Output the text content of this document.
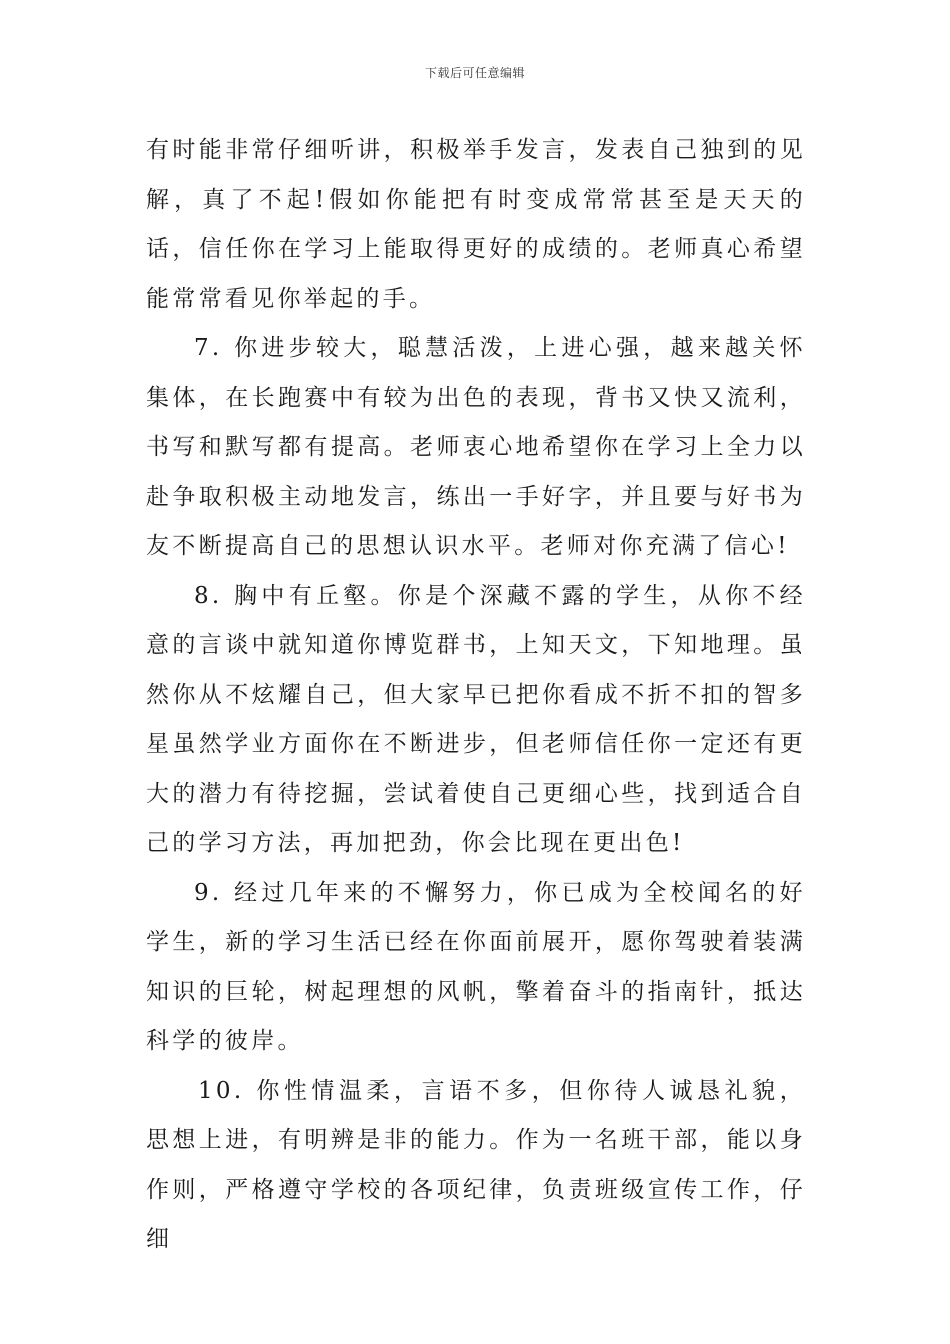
下载后可任意编辑

有时能非常仔细听讲，积极举手发言，发表自己独到的见解，真了不起!假如你能把有时变成常常甚至是天天的话，信任你在学习上能取得更好的成绩的。老师真心希望能常常看见你举起的手。

7. 你进步较大，聪慧活泼，上进心强，越来越关怀集体，在长跑赛中有较为出色的表现，背书又快又流利，书写和默写都有提高。老师衷心地希望你在学习上全力以赴争取积极主动地发言，练出一手好字，并且要与好书为友不断提高自己的思想认识水平。老师对你充满了信心!

8. 胸中有丘壑。你是个深藏不露的学生，从你不经意的言谈中就知道你博览群书，上知天文，下知地理。虽然你从不炫耀自己，但大家早已把你看成不折不扣的智多星虽然学业方面你在不断进步，但老师信任你一定还有更大的潜力有待挖掘，尝试着使自己更细心些，找到适合自己的学习方法，再加把劲，你会比现在更出色!

9. 经过几年来的不懈努力，你已成为全校闻名的好学生，新的学习生活已经在你面前展开，愿你驾驶着装满知识的巨轮，树起理想的风帆，擎着奋斗的指南针，抵达科学的彼岸。

10. 你性情温柔，言语不多，但你待人诚恳礼貌，思想上进，有明辨是非的能力。作为一名班干部，能以身作则，严格遵守学校的各项纪律，负责班级宣传工作，仔细
